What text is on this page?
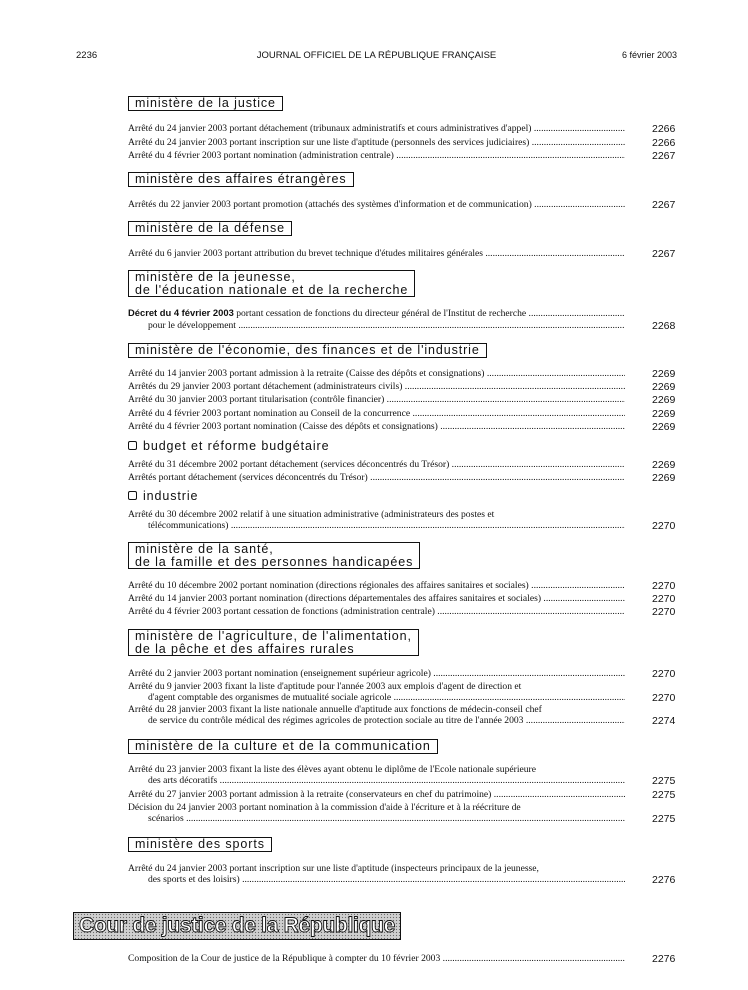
2236	JOURNAL OFFICIEL DE LA RÉPUBLIQUE FRANÇAISE	6 février 2003
ministère de la justice
Arrêté du 24 janvier 2003 portant détachement (tribunaux administratifs et cours administratives d'appel) .....	2266
Arrêté du 24 janvier 2003 portant inscription sur une liste d'aptitude (personnels des services judiciaires) .....	2266
Arrêté du 4 février 2003 portant nomination (administration centrale) .....	2267
ministère des affaires étrangères
Arrêtés du 22 janvier 2003 portant promotion (attachés des systèmes d'information et de communication) .....	2267
ministère de la défense
Arrêté du 6 janvier 2003 portant attribution du brevet technique d'études militaires générales .....	2267
ministère de la jeunesse,
de l'éducation nationale et de la recherche
Décret du 4 février 2003 portant cessation de fonctions du directeur général de l'Institut de recherche .....
pour le développement .....	2268
ministère de l'économie, des finances et de l'industrie
Arrêté du 14 janvier 2003 portant admission à la retraite (Caisse des dépôts et consignations) .....	2269
Arrêtés du 29 janvier 2003 portant détachement (administrateurs civils) .....	2269
Arrêté du 30 janvier 2003 portant titularisation (contrôle financier) .....	2269
Arrêté du 4 février 2003 portant nomination au Conseil de la concurrence .....	2269
Arrêté du 4 février 2003 portant nomination (Caisse des dépôts et consignations) .....	2269
budget et réforme budgétaire
Arrêté du 31 décembre 2002 portant détachement (services déconcentrés du Trésor) .....	2269
Arrêtés portant détachement (services déconcentrés du Trésor) .....	2269
industrie
Arrêté du 30 décembre 2002 relatif à une situation administrative (administrateurs des postes et
télécommunications) .....	2270
ministère de la santé,
de la famille et des personnes handicapées
Arrêté du 10 décembre 2002 portant nomination (directions régionales des affaires sanitaires et sociales) .....	2270
Arrêté du 14 janvier 2003 portant nomination (directions départementales des affaires sanitaires et sociales) .....	2270
Arrêté du 4 février 2003 portant cessation de fonctions (administration centrale) .....	2270
ministère de l'agriculture, de l'alimentation,
de la pêche et des affaires rurales
Arrêté du 2 janvier 2003 portant nomination (enseignement supérieur agricole) .....	2270
Arrêté du 9 janvier 2003 fixant la liste d'aptitude pour l'année 2003 aux emplois d'agent de direction et
d'agent comptable des organismes de mutualité sociale agricole .....	2270
Arrêté du 28 janvier 2003 fixant la liste nationale annuelle d'aptitude aux fonctions de médecin-conseil chef
de service du contrôle médical des régimes agricoles de protection sociale au titre de l'année 2003 .....	2274
ministère de la culture et de la communication
Arrêté du 23 janvier 2003 fixant la liste des élèves ayant obtenu le diplôme de l'Ecole nationale supérieure
des arts décoratifs .....	2275
Arrêté du 27 janvier 2003 portant admission à la retraite (conservateurs en chef du patrimoine) .....	2275
Décision du 24 janvier 2003 portant nomination à la commission d'aide à l'écriture et à la réécriture de
scénarios .....	2275
ministère des sports
Arrêté du 24 janvier 2003 portant inscription sur une liste d'aptitude (inspecteurs principaux de la jeunesse,
des sports et des loisirs) .....	2276
Cour de justice de la République
Composition de la Cour de justice de la République à compter du 10 février 2003 .....	2276
